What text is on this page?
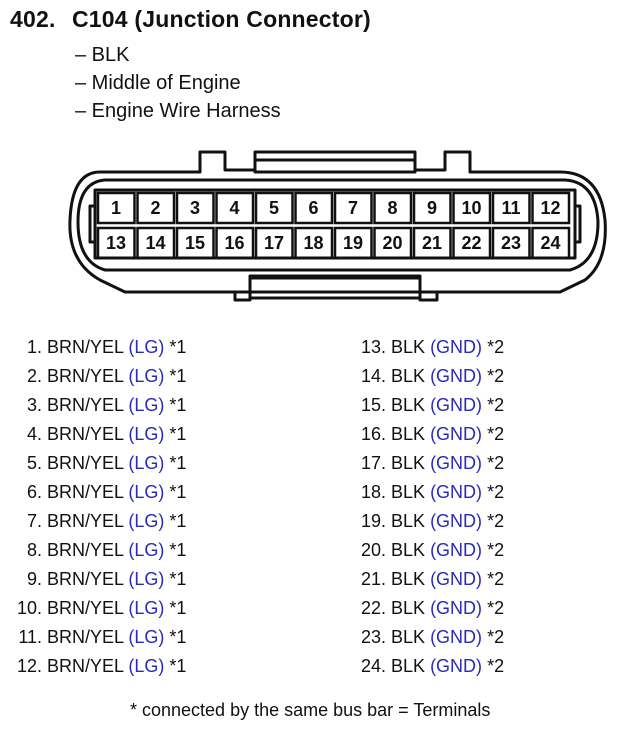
402. C104 (Junction Connector)
– BLK
– Middle of Engine
– Engine Wire Harness
1	2	3	4	5	6	7	8	9	10	11	12
13	14	15	16	17	18	19	20	21	22	23	24
1. BRN/YEL (LG) *1
2. BRN/YEL (LG) *1
3. BRN/YEL (LG) *1
4. BRN/YEL (LG) *1
5. BRN/YEL (LG) *1
6. BRN/YEL (LG) *1
7. BRN/YEL (LG) *1
8. BRN/YEL (LG) *1
9. BRN/YEL (LG) *1
10. BRN/YEL (LG) *1
11. BRN/YEL (LG) *1
12. BRN/YEL (LG) *1
13. BLK (GND) *2
14. BLK (GND) *2
15. BLK (GND) *2
16. BLK (GND) *2
17. BLK (GND) *2
18. BLK (GND) *2
19. BLK (GND) *2
20. BLK (GND) *2
21. BLK (GND) *2
22. BLK (GND) *2
23. BLK (GND) *2
24. BLK (GND) *2
* connected by the same bus bar = Terminals
